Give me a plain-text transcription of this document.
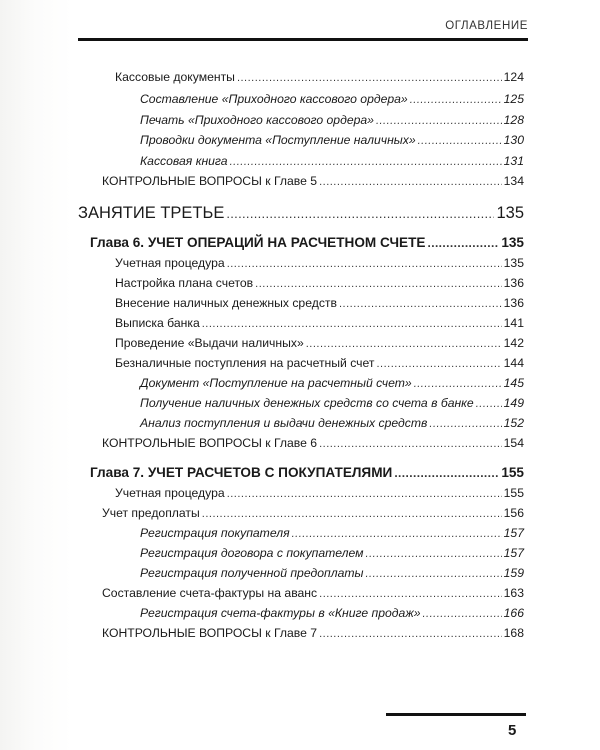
ОГЛАВЛЕНИЕ
Кассовые документы .....	124
Составление «Приходного кассового ордера» .....	125
Печать «Приходного кассового ордера» .....	128
Проводки документа «Поступление наличных» .....	130
Кассовая книга .....	131
КОНТРОЛЬНЫЕ ВОПРОСЫ к Главе 5 .....	134
ЗАНЯТИЕ ТРЕТЬЕ .....	135
Глава 6. УЧЕТ ОПЕРАЦИЙ НА РАСЧЕТНОМ СЧЕТЕ .....	135
Учетная процедура .....	135
Настройка плана счетов .....	136
Внесение наличных денежных средств .....	136
Выписка банка .....	141
Проведение «Выдачи наличных» .....	142
Безналичные поступления на расчетный счет .....	144
Документ «Поступление на расчетный счет» .....	145
Получение наличных денежных средств со счета в банке ..... 149
Анализ поступления и выдачи денежных средств .....	152
КОНТРОЛЬНЫЕ ВОПРОСЫ к Главе 6 .....	154
Глава 7. УЧЕТ РАСЧЕТОВ С ПОКУПАТЕЛЯМИ .....	155
Учетная процедура .....	155
Учет предоплаты .....	156
Регистрация покупателя .....	157
Регистрация договора с покупателем .....	157
Регистрация полученной предоплаты .....	159
Составление счета-фактуры на аванс .....	163
Регистрация счета-фактуры в «Книге продаж» .....	166
КОНТРОЛЬНЫЕ ВОПРОСЫ к Главе 7 .....	168
5
